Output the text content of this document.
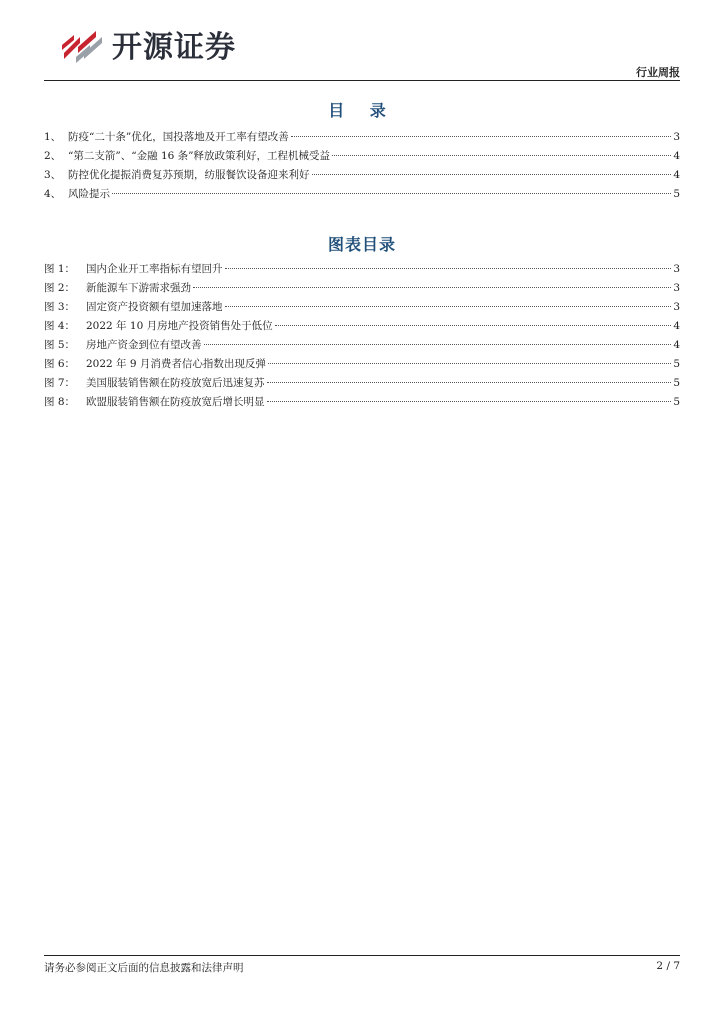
开源证券
行业周报
目 录
1、 防疫“二十条”优化，国投落地及开工率有望改善	3
2、 “第二支箭”、“金融 16 条”释放政策利好，工程机械受益	4
3、 防控优化提振消费复苏预期，纺服餐饮设备迎来利好	4
4、 风险提示	5
图表目录
图 1：	国内企业开工率指标有望回升	3
图 2：	新能源车下游需求强劲	3
图 3：	固定资产投资额有望加速落地	3
图 4：	2022 年 10 月房地产投资销售处于低位	4
图 5：	房地产资金到位有望改善	4
图 6：	2022 年 9 月消费者信心指数出现反弹	5
图 7：	美国服装销售额在防疫放宽后迅速复苏	5
图 8：	欧盟服装销售额在防疫放宽后增长明显	5
请务必参阅正文后面的信息披露和法律声明	2 / 7
